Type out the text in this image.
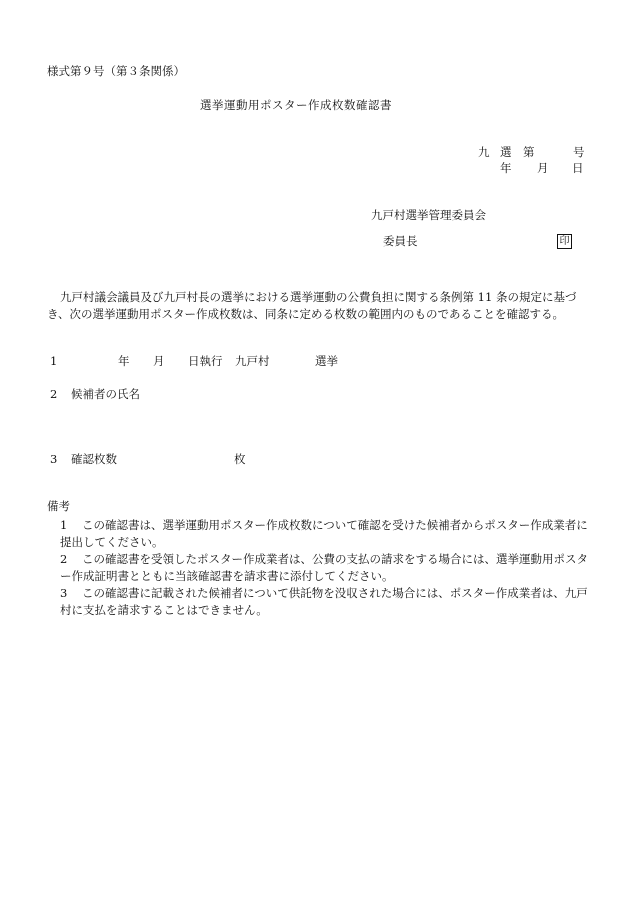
様式第９号（第３条関係）
選挙運動用ポスター作成枚数確認書
九 選 第	号
年 月 日
九戸村選挙管理委員会
委員長	印
九戸村議会議員及び九戸村長の選挙における選挙運動の公費負担に関する条例第 11 条の規定に基づき、次の選挙運動用ポスター作成枚数は、同条に定める枚数の範囲内のものであることを確認する。
1	年 月 日執行 九戸村	選挙
2 候補者の氏名
3 確認枚数	枚
備考
1	この確認書は、選挙運動用ポスター作成枚数について確認を受けた候補者からポスター作成業者に提出してください。
2	この確認書を受領したポスター作成業者は、公費の支払の請求をする場合には、選挙運動用ポスター作成証明書とともに当該確認書を請求書に添付してください。
3	この確認書に記載された候補者について供託物を没収された場合には、ポスター作成業者は、九戸村に支払を請求することはできません。
